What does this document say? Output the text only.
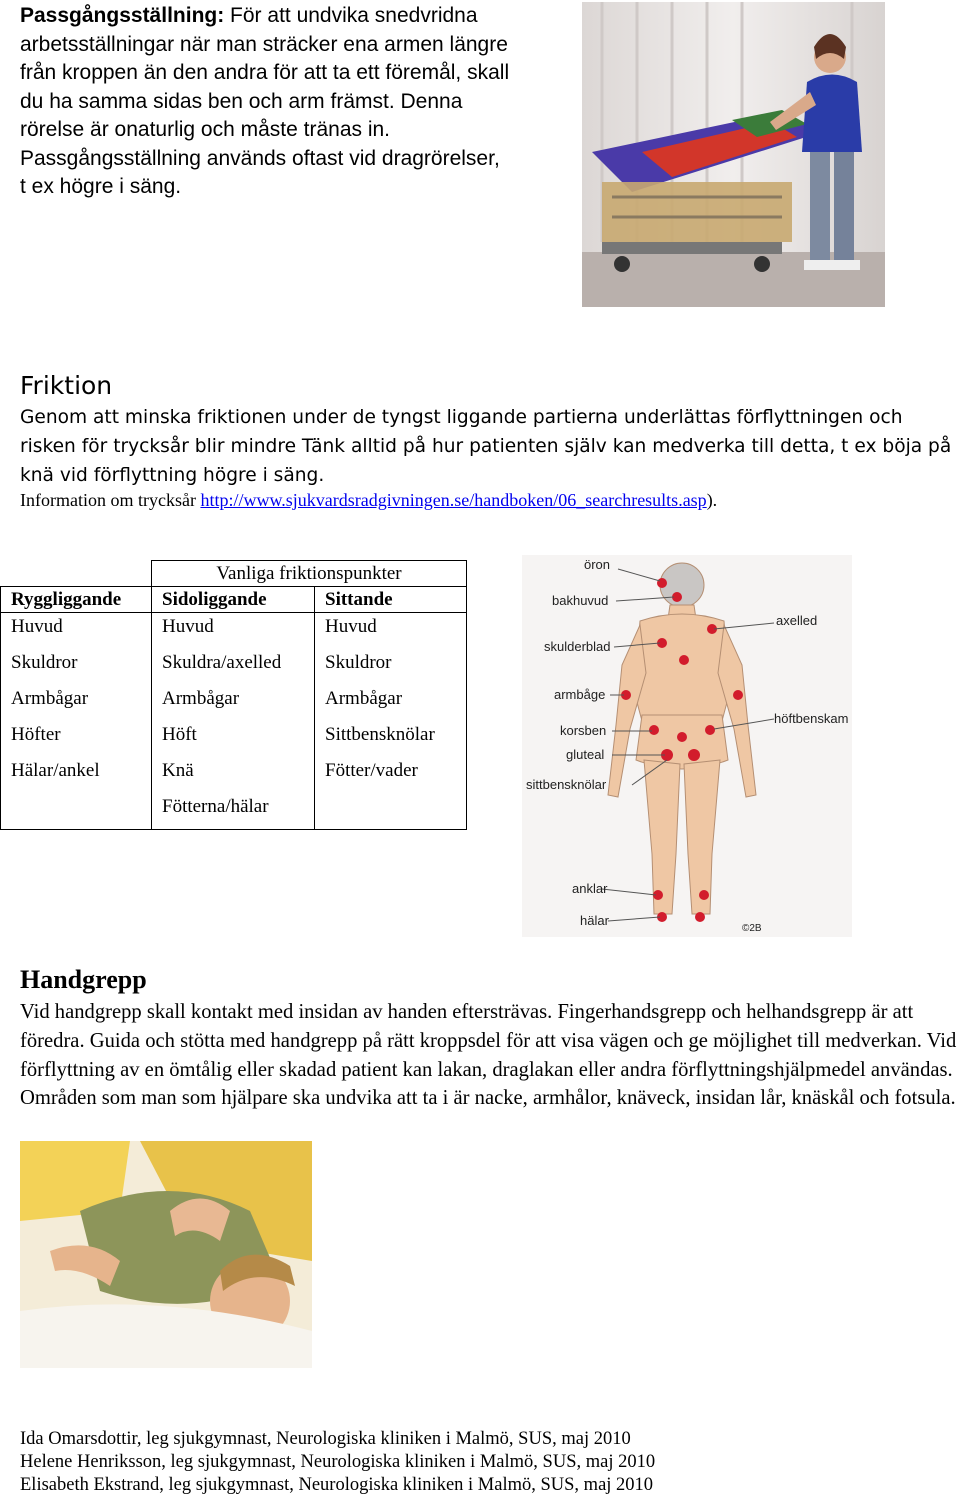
Passgångsställning: För att undvika snedvridna arbetsställningar när man sträcker ena armen längre från kroppen än den andra för att ta ett föremål, skall du ha samma sidas ben och arm främst. Denna rörelse är onaturlig och måste tränas in. Passgångsställning används oftast vid dragrörelser, t ex högre i säng.
Friktion
Genom att minska friktionen under de tyngst liggande partierna underlättas förflyttningen och risken för trycksår blir mindre Tänk alltid på hur patienten själv kan medverka till detta, t ex böja på knä vid förflyttning högre i säng.
Information om trycksår http://www.sjukvardsradgivningen.se/handboken/06_searchresults.asp).
	Vanliga friktionspunkter	
Ryggliggande	Sidoliggande	Sittande
Huvud	Huvud	Huvud
Skuldror	Skuldra/axelled	Skuldror
Armbågar	Armbågar	Armbågar
Höfter	Höft	Sittbensknölar
Hälar/ankel	Knä	Fötter/vader
	Fötterna/hälar	
öron
bakhuvud
axelled
skulderblad
armbåge
höftbenskam
korsben
gluteal
sittbensknölar
anklar
hälar
©2B
Handgrepp
Vid handgrepp skall kontakt med insidan av handen eftersträvas. Fingerhandsgrepp och helhandsgrepp är att föredra. Guida och stötta med handgrepp på rätt kroppsdel för att visa vägen och ge möjlighet till medverkan. Vid förflyttning av en ömtålig eller skadad patient kan lakan, draglakan eller andra förflyttningshjälpmedel användas. Områden som man som hjälpare ska undvika att ta i är nacke, armhålor, knäveck, insidan lår, knäskål och fotsula.
Ida Omarsdottir, leg sjukgymnast, Neurologiska kliniken i Malmö, SUS, maj 2010
Helene Henriksson, leg sjukgymnast, Neurologiska kliniken i Malmö, SUS, maj 2010
Elisabeth Ekstrand, leg sjukgymnast, Neurologiska kliniken i Malmö, SUS, maj 2010
